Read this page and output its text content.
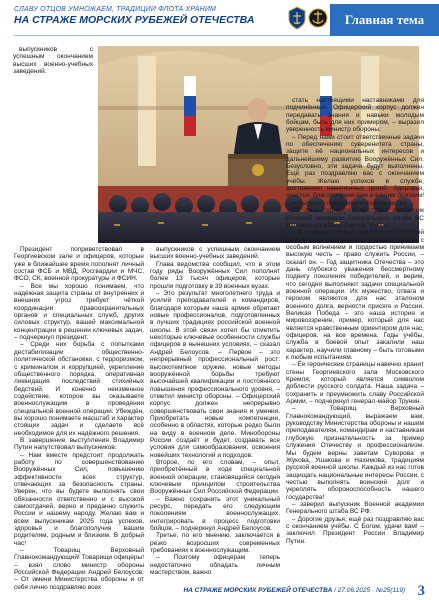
СЛАВУ ОТЦОВ УМНОЖАЕМ, ТРАДИЦИИ ФЛОТА ХРАНИМ
НА СТРАЖЕ МОРСКИХ РУБЕЖЕЙ ОТЕЧЕСТВА	Главная тема

выпускников с успешным окончанием высших военно-учебных заведений.

Президент поприветствовал в Георгиевском зале и офицеров, которые уже в ближайшее время пополнят личный состав ФСБ и МВД, Росгвардии и МЧС, ФСО, СК, военной прокуратуры и ФСИН.

– Все мы хорошо понимаем, что надёжная защита страны от внутренних и внешних угроз требует чёткой координации правоохранительных органов и специальных служб, других силовых структур, вашей максимальной концентрации в решении ключевых задач, – подчеркнул президент.

– Среди них борьба с попытками дестабилизации общественно-политической обстановки, с терроризмом, с криминалом и коррупцией, укрепление общественного порядка, оперативная ликвидация последствий стихийных бедствий. И конечно неизменное содействие, которое вы оказываете военнослужащим в проведении специальной военной операции. Убеждён, вы хорошо понимаете масштаб и характер стоящих задач и сделаете всё необходимое для их надёжного решения.

В завершение выступления Владимир Путин напутствовал выпускников:

– Нам вместе предстоит продолжать работу по совершенствованию Вооружённых Сил, повышению эффективности всех структур, отвечающих за безопасность страны. Уверен, что вы будете выполнять свои обязанности ответственно и с высокой самоотдачей, верно и преданно служить России и нашему народу. Желаю вам и всем выпускникам 2025 года успехов, здоровья и благополучия вашим родителям, родным и близким. В добрый час!

– Товарищ Верховный Главнокомандующий! Товарищи офицеры! – взял слово министр обороны Российской Федерации Андрей Белоусов. – От имени Министерства обороны и от себя лично поздравляю всех

выпускников с успешным окончанием высших военно-учебных заведений.

Глава ведомства сообщил, что в этом году ряды Вооружённых Сил пополнят более 13 тысяч офицеров, которые прошли подготовку в 39 военных вузах.

– Это результат многолетнего труда и усилий преподавателей и командиров, благодаря которым наша армия обретает новые профессионалов, подготовленных в лучших традициях российской военной школы. В этой связи хотел бы отметить некоторые ключевые особенности службы офицеров в нынешних условиях, – сказал Андрей Белоусов. – Первое – это непрерывный профессиональный рост: высокотемпное оружие, новые методы вооружённой борьбы требуют высочайшей квалификации и постоянного повышения профессионального уровня, – отметил министр обороны. – Офицерский корпус должен непрерывно совершенствовать свои знания и умения. Приобретать новые компетенции, особенно в областях, которые редко были на виду в военном деле. Минобороны России создаёт и будет создавать все условия для самообразования, освоения новейших технологий и подходов.

Второе, по его словам, – опыт, приобретённый в ходе специальной военной операции, становящийся сегодня ключевым принципом строительства Вооружённых Сил Российской Федерации.

– Важно сохранить этот уникальный ресурс, передать его следующим поколениям военнослужащих, интегрировать в процесс подготовки бойцов, – подчеркнул Андрей Белоусов.

Третье, по его мнению, заключается в резко возросших современных требованиях к военнослужащим.

– Поэтому офицерам теперь недостаточно обладать личным мастерством, важно

стать настоящими наставниками для подчинённых. Офицерский корпус должен передавать знания и навыки молодым бойцам, быть для них примером, – выразил уверенность министр обороны.

– Перед нами стоит ответственные задачи по обеспечению суверенитета страны, защите её национальных интересов и дальнейшему развитию Вооружённых Сил. Безусловно, эти задачи будут выполнены. Ещё раз поздравляю вас с окончанием учёбы. Желаю успехов в службе, достижения намеченных целей. Здоровья, счастья, благополучия вам и вашим близким! – подытожил глава военного ведомства.

От лица офицеров выступил выпускник Военной академии Генерального штаба ВС РФ генерал-майор Сергей Трунин.

– В знаменательный год 80-летия Великой Победы мы, выпускники военных вузов, с особым волнением и гордостью принимаем высокую честь – право служить России, – сказал он. – Год защитника Отечества – это дань глубокого уважения бессмертному подвигу поколения победителей, и верим, что сегодня выполняют задачи специальной военной операции. Их мужество, отвага и героизм являются для нас эталоном военного долга, верности присяге и России. Великая Победа – это наша история и мировоззрение, пример, который для нас является нравственным ориентиром для нас, офицеров, на все времена. Годы учёбы, служба в боевой опыт закалили наш характер, научили главному – быть готовыми к любым испытаниям.

– Ёе героические страницы навечно хранит стены Георгиевского зала Московского Кремля, который является символом доблести русского солдата. Наша задача – сохранить и преумножить славу Российской Армии, – подчеркнул генерал-майор Трунин.

– Товарищ Верховный Главнокомандующий, выражаем вам, руководству Министерства обороны и нашим преподавателям, командирам и наставникам глубокую признательность за пример служения Отечеству и профессионализм. Мы будем верны заветам Суворова и Жукова, Ушакова и Нахимова, традициям русской военной школы. Каждый из нас готов защищать национальные интересы России, с честью выполнять воинский долг и укреплять обороноспособность нашего государства!

– заверил выпускник Военной академии Генерального штаба ВС РФ.

– Дорогие друзья, ещё раз поздравляю вас с окончанием учёбы. С Богом, удачи вам! – заключил Президент России Владимир Путин.

НА СТРАЖЕ МОРСКИХ РУБЕЖЕЙ ОТЕЧЕСТВА / 27.06.2025 · №25(119) 3
